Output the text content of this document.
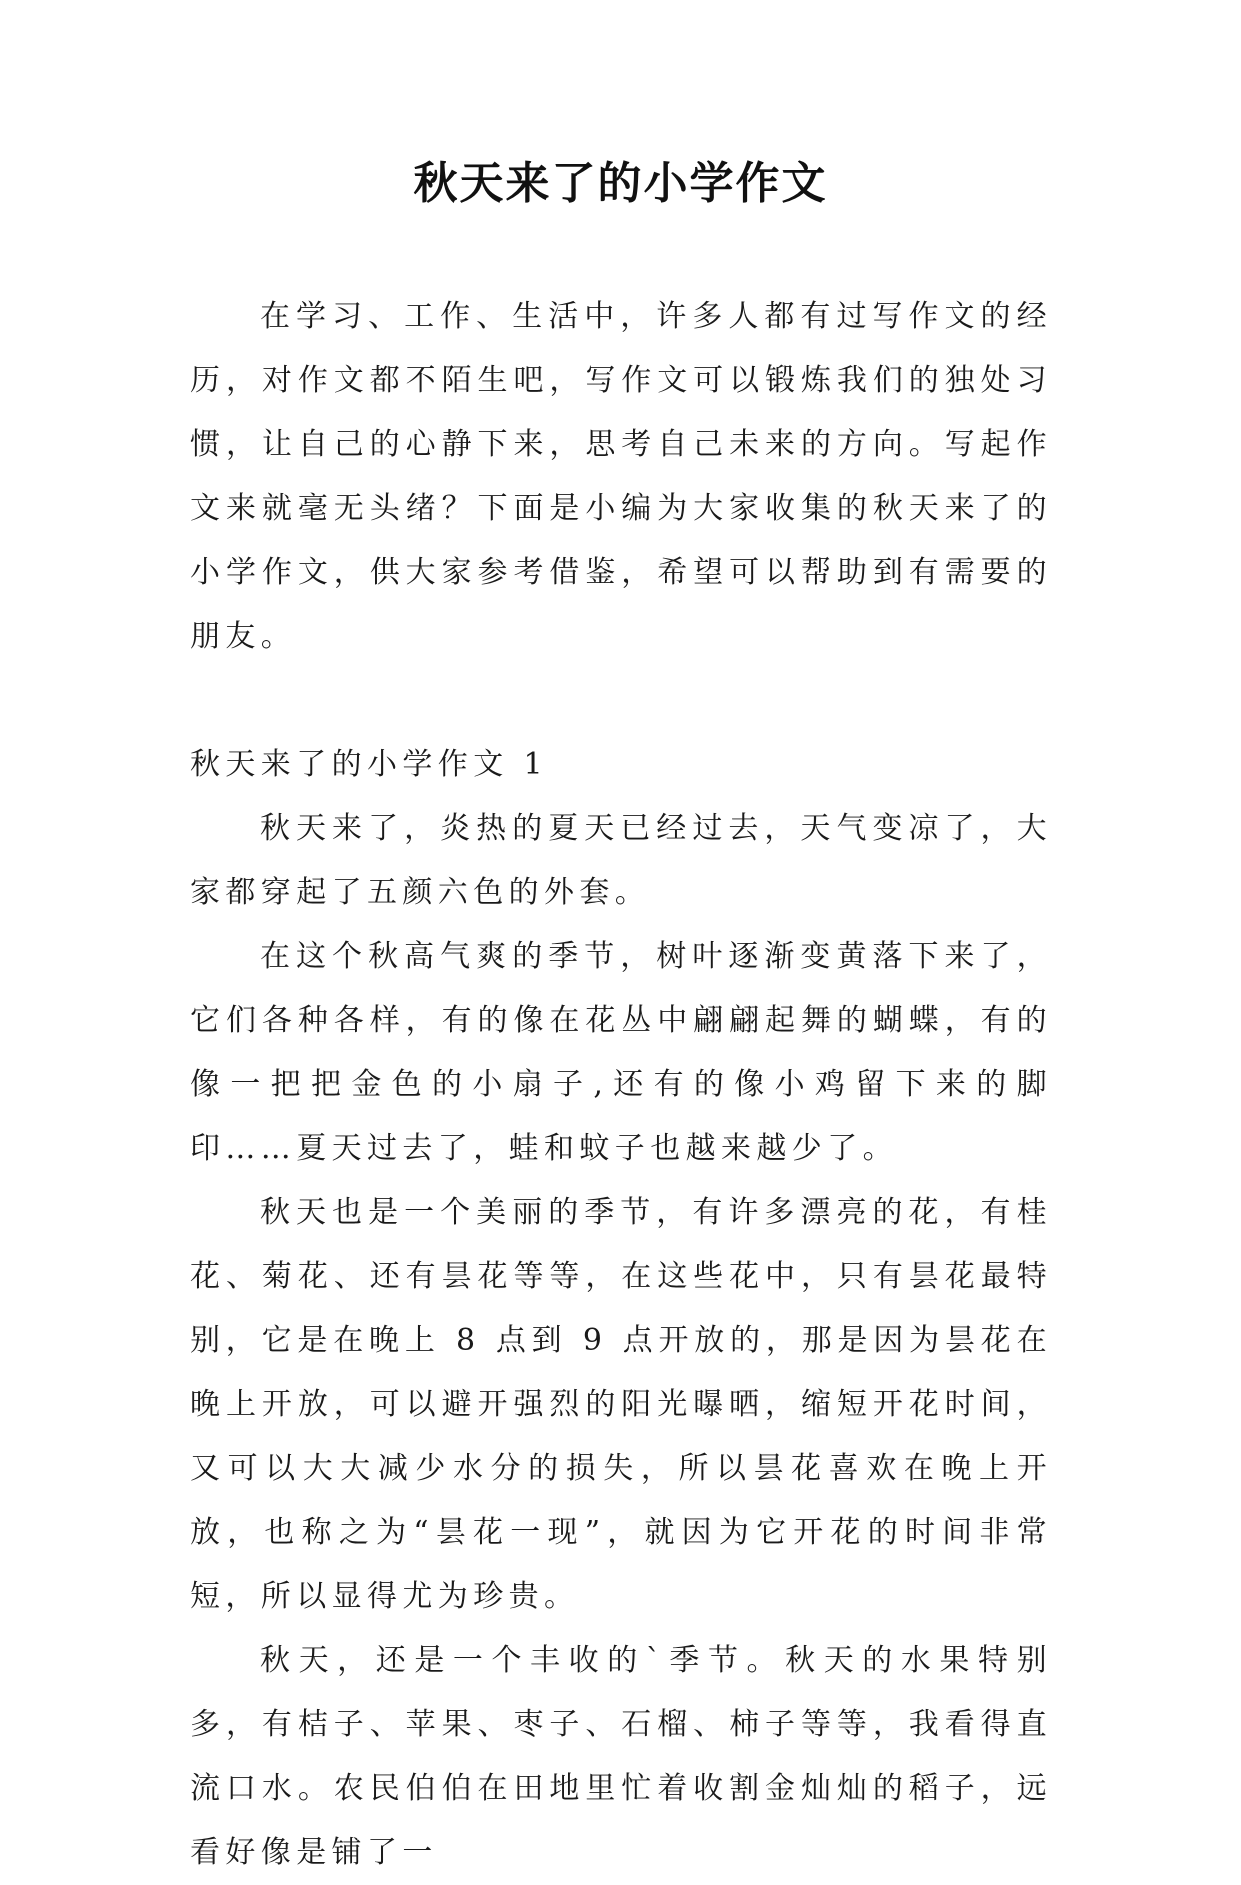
秋天来了的小学作文

在学习、工作、生活中，许多人都有过写作文的经历，对作文都不陌生吧，写作文可以锻炼我们的独处习惯，让自己的心静下来，思考自己未来的方向。写起作文来就毫无头绪？下面是小编为大家收集的秋天来了的小学作文，供大家参考借鉴，希望可以帮助到有需要的朋友。

秋天来了的小学作文 1

秋天来了，炎热的夏天已经过去，天气变凉了，大家都穿起了五颜六色的外套。

在这个秋高气爽的季节，树叶逐渐变黄落下来了，它们各种各样，有的像在花丛中翩翩起舞的蝴蝶，有的像一把把金色的小扇子,还有的像小鸡留下来的脚印……夏天过去了，蛙和蚊子也越来越少了。

秋天也是一个美丽的季节，有许多漂亮的花，有桂花、菊花、还有昙花等等，在这些花中，只有昙花最特别，它是在晚上 8 点到 9 点开放的，那是因为昙花在晚上开放，可以避开强烈的阳光曝晒，缩短开花时间，又可以大大减少水分的损失，所以昙花喜欢在晚上开放，也称之为“昙花一现”，就因为它开花的时间非常短，所以显得尤为珍贵。

秋天，还是一个丰收的`季节。秋天的水果特别多，有桔子、苹果、枣子、石榴、柿子等等，我看得直流口水。农民伯伯在田地里忙着收割金灿灿的稻子，远看好像是铺了一
